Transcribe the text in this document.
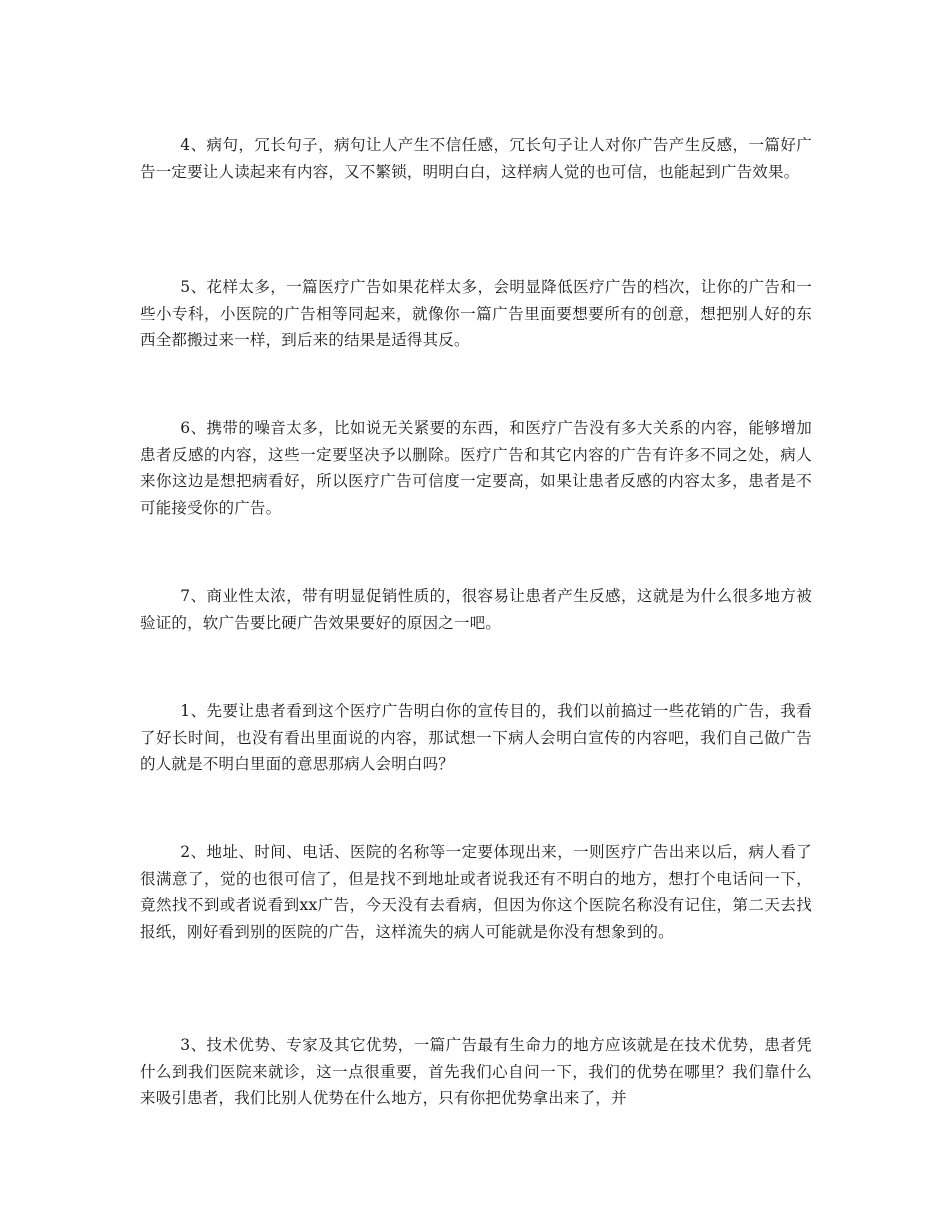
4、病句，冗长句子，病句让人产生不信任感，冗长句子让人对你广告产生反感，一篇好广告一定要让人读起来有内容，又不繁锁，明明白白，这样病人觉的也可信，也能起到广告效果。

5、花样太多，一篇医疗广告如果花样太多，会明显降低医疗广告的档次，让你的广告和一些小专科，小医院的广告相等同起来，就像你一篇广告里面要想要所有的创意，想把别人好的东西全都搬过来一样，到后来的结果是适得其反。

6、携带的噪音太多，比如说无关紧要的东西，和医疗广告没有多大关系的内容，能够增加患者反感的内容，这些一定要坚决予以删除。医疗广告和其它内容的广告有许多不同之处，病人来你这边是想把病看好，所以医疗广告可信度一定要高，如果让患者反感的内容太多，患者是不可能接受你的广告。

7、商业性太浓，带有明显促销性质的，很容易让患者产生反感，这就是为什么很多地方被验证的，软广告要比硬广告效果要好的原因之一吧。

1、先要让患者看到这个医疗广告明白你的宣传目的，我们以前搞过一些花销的广告，我看了好长时间，也没有看出里面说的内容，那试想一下病人会明白宣传的内容吧，我们自己做广告的人就是不明白里面的意思那病人会明白吗？

2、地址、时间、电话、医院的名称等一定要体现出来，一则医疗广告出来以后，病人看了很满意了，觉的也很可信了，但是找不到地址或者说我还有不明白的地方，想打个电话问一下，竟然找不到或者说看到xx广告，今天没有去看病，但因为你这个医院名称没有记住，第二天去找报纸，刚好看到别的医院的广告，这样流失的病人可能就是你没有想象到的。

3、技术优势、专家及其它优势，一篇广告最有生命力的地方应该就是在技术优势，患者凭什么到我们医院来就诊，这一点很重要，首先我们心自问一下，我们的优势在哪里？我们靠什么来吸引患者，我们比别人优势在什么地方，只有你把优势拿出来了，并
